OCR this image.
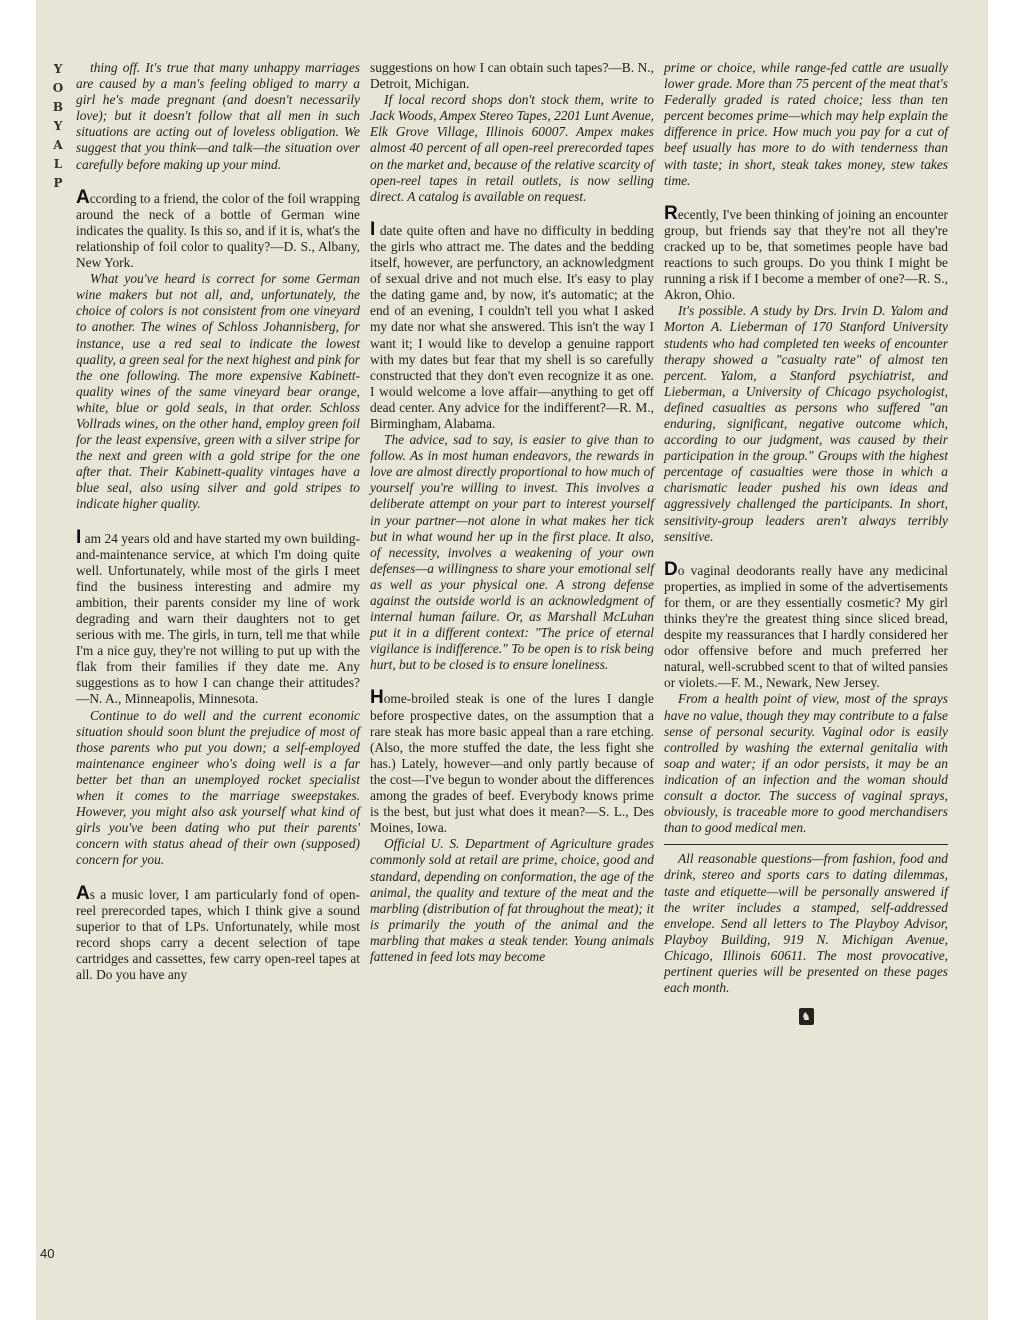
Y
O
B
Y
A
L
P

thing off. It's true that many unhappy marriages are caused by a man's feeling obliged to marry a girl he's made pregnant (and doesn't necessarily love); but it doesn't follow that all men in such situations are acting out of loveless obligation. We suggest that you think—and talk—the situation over carefully before making up your mind.

According to a friend, the color of the foil wrapping around the neck of a bottle of German wine indicates the quality. Is this so, and if it is, what's the relationship of foil color to quality?—D. S., Albany, New York.

What you've heard is correct for some German wine makers but not all, and, unfortunately, the choice of colors is not consistent from one vineyard to another. The wines of Schloss Johannisberg, for instance, use a red seal to indicate the lowest quality, a green seal for the next highest and pink for the one following. The more expensive Kabinett-quality wines of the same vineyard bear orange, white, blue or gold seals, in that order. Schloss Vollrads wines, on the other hand, employ green foil for the least expensive, green with a silver stripe for the next and green with a gold stripe for the one after that. Their Kabinett-quality vintages have a blue seal, also using silver and gold stripes to indicate higher quality.

I am 24 years old and have started my own building-and-maintenance service, at which I'm doing quite well. Unfortunately, while most of the girls I meet find the business interesting and admire my ambition, their parents consider my line of work degrading and warn their daughters not to get serious with me. The girls, in turn, tell me that while I'm a nice guy, they're not willing to put up with the flak from their families if they date me. Any suggestions as to how I can change their attitudes?—N. A., Minneapolis, Minnesota.

Continue to do well and the current economic situation should soon blunt the prejudice of most of those parents who put you down; a self-employed maintenance engineer who's doing well is a far better bet than an unemployed rocket specialist when it comes to the marriage sweepstakes. However, you might also ask yourself what kind of girls you've been dating who put their parents' concern with status ahead of their own (supposed) concern for you.

As a music lover, I am particularly fond of open-reel prerecorded tapes, which I think give a sound superior to that of LPs. Unfortunately, while most record shops carry a decent selection of tape cartridges and cassettes, few carry open-reel tapes at all. Do you have any

suggestions on how I can obtain such tapes?—B. N., Detroit, Michigan.

If local record shops don't stock them, write to Jack Woods, Ampex Stereo Tapes, 2201 Lunt Avenue, Elk Grove Village, Illinois 60007. Ampex makes almost 40 percent of all open-reel prerecorded tapes on the market and, because of the relative scarcity of open-reel tapes in retail outlets, is now selling direct. A catalog is available on request.

I date quite often and have no difficulty in bedding the girls who attract me. The dates and the bedding itself, however, are perfunctory, an acknowledgment of sexual drive and not much else. It's easy to play the dating game and, by now, it's automatic; at the end of an evening, I couldn't tell you what I asked my date nor what she answered. This isn't the way I want it; I would like to develop a genuine rapport with my dates but fear that my shell is so carefully constructed that they don't even recognize it as one. I would welcome a love affair—anything to get off dead center. Any advice for the indifferent?—R. M., Birmingham, Alabama.

The advice, sad to say, is easier to give than to follow. As in most human endeavors, the rewards in love are almost directly proportional to how much of yourself you're willing to invest. This involves a deliberate attempt on your part to interest yourself in your partner—not alone in what makes her tick but in what wound her up in the first place. It also, of necessity, involves a weakening of your own defenses—a willingness to share your emotional self as well as your physical one. A strong defense against the outside world is an acknowledgment of internal human failure. Or, as Marshall McLuhan put it in a different context: "The price of eternal vigilance is indifference." To be open is to risk being hurt, but to be closed is to ensure loneliness.

Home-broiled steak is one of the lures I dangle before prospective dates, on the assumption that a rare steak has more basic appeal than a rare etching. (Also, the more stuffed the date, the less fight she has.) Lately, however—and only partly because of the cost—I've begun to wonder about the differences among the grades of beef. Everybody knows prime is the best, but just what does it mean?—S. L., Des Moines, Iowa.

Official U. S. Department of Agriculture grades commonly sold at retail are prime, choice, good and standard, depending on conformation, the age of the animal, the quality and texture of the meat and the marbling (distribution of fat throughout the meat); it is primarily the youth of the animal and the marbling that makes a steak tender. Young animals fattened in feed lots may become

prime or choice, while range-fed cattle are usually lower grade. More than 75 percent of the meat that's Federally graded is rated choice; less than ten percent becomes prime—which may help explain the difference in price. How much you pay for a cut of beef usually has more to do with tenderness than with taste; in short, steak takes money, stew takes time.

Recently, I've been thinking of joining an encounter group, but friends say that they're not all they're cracked up to be, that sometimes people have bad reactions to such groups. Do you think I might be running a risk if I become a member of one?—R. S., Akron, Ohio.

It's possible. A study by Drs. Irvin D. Yalom and Morton A. Lieberman of 170 Stanford University students who had completed ten weeks of encounter therapy showed a "casualty rate" of almost ten percent. Yalom, a Stanford psychiatrist, and Lieberman, a University of Chicago psychologist, defined casualties as persons who suffered "an enduring, significant, negative outcome which, according to our judgment, was caused by their participation in the group." Groups with the highest percentage of casualties were those in which a charismatic leader pushed his own ideas and aggressively challenged the participants. In short, sensitivity-group leaders aren't always terribly sensitive.

Do vaginal deodorants really have any medicinal properties, as implied in some of the advertisements for them, or are they essentially cosmetic? My girl thinks they're the greatest thing since sliced bread, despite my reassurances that I hardly considered her odor offensive before and much preferred her natural, well-scrubbed scent to that of wilted pansies or violets.—F. M., Newark, New Jersey.

From a health point of view, most of the sprays have no value, though they may contribute to a false sense of personal security. Vaginal odor is easily controlled by washing the external genitalia with soap and water; if an odor persists, it may be an indication of an infection and the woman should consult a doctor. The success of vaginal sprays, obviously, is traceable more to good merchandisers than to good medical men.

All reasonable questions—from fashion, food and drink, stereo and sports cars to dating dilemmas, taste and etiquette—will be personally answered if the writer includes a stamped, self-addressed envelope. Send all letters to The Playboy Advisor, Playboy Building, 919 N. Michigan Avenue, Chicago, Illinois 60611. The most provocative, pertinent queries will be presented on these pages each month.

♞
40
